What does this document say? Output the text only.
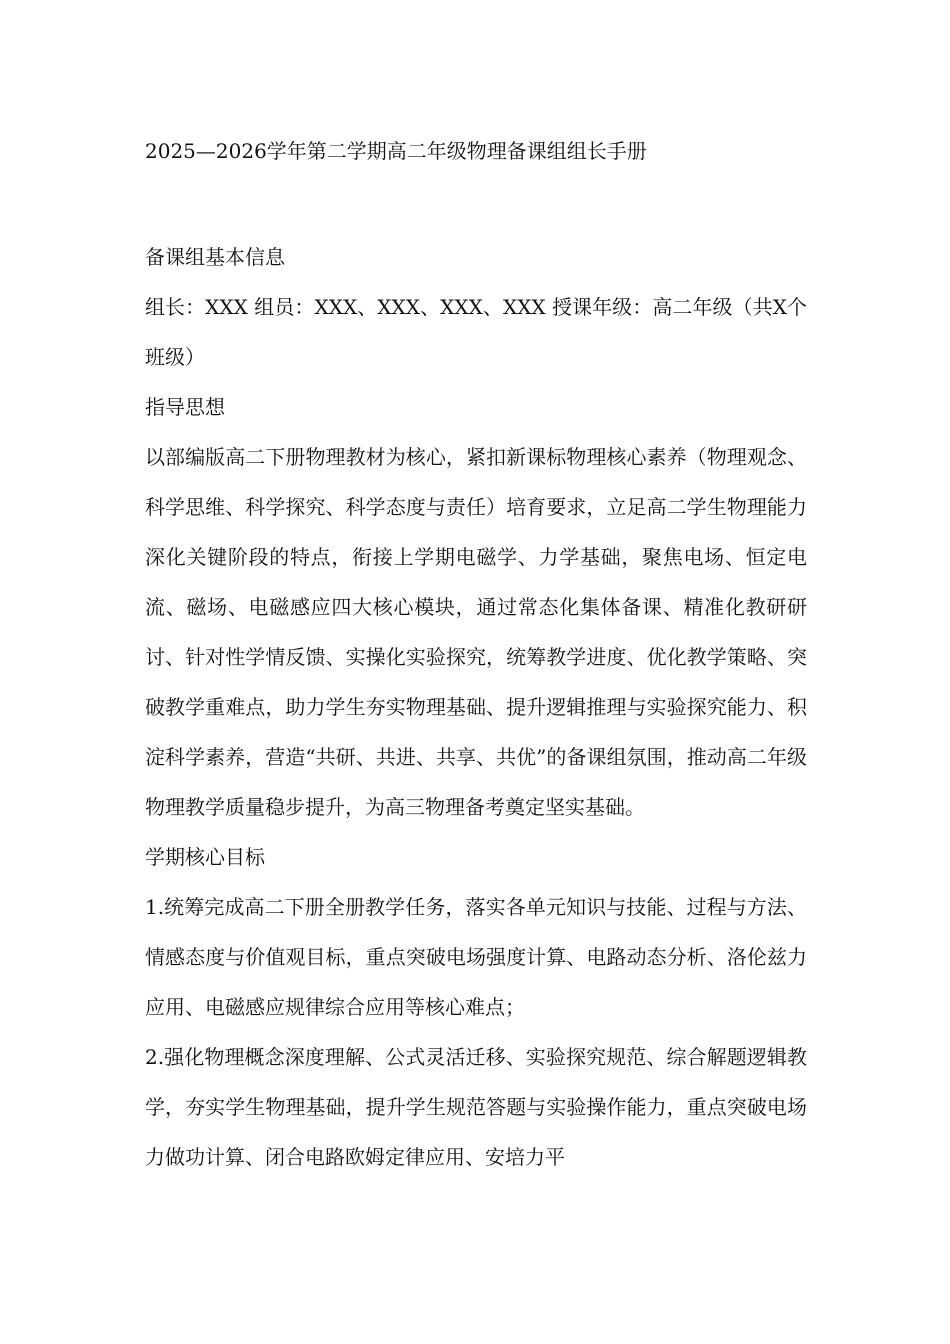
2025—2026学年第二学期高二年级物理备课组组长手册

备课组基本信息

组长：XXX 组员：XXX、XXX、XXX、XXX 授课年级：高二年级（共X个班级）

指导思想

以部编版高二下册物理教材为核心，紧扣新课标物理核心素养（物理观念、科学思维、科学探究、科学态度与责任）培育要求，立足高二学生物理能力深化关键阶段的特点，衔接上学期电磁学、力学基础，聚焦电场、恒定电流、磁场、电磁感应四大核心模块，通过常态化集体备课、精准化教研研讨、针对性学情反馈、实操化实验探究，统筹教学进度、优化教学策略、突破教学重难点，助力学生夯实物理基础、提升逻辑推理与实验探究能力、积淀科学素养，营造“共研、共进、共享、共优”的备课组氛围，推动高二年级物理教学质量稳步提升，为高三物理备考奠定坚实基础。

学期核心目标

1.统筹完成高二下册全册教学任务，落实各单元知识与技能、过程与方法、情感态度与价值观目标，重点突破电场强度计算、电路动态分析、洛伦兹力应用、电磁感应规律综合应用等核心难点；

2.强化物理概念深度理解、公式灵活迁移、实验探究规范、综合解题逻辑教学，夯实学生物理基础，提升学生规范答题与实验操作能力，重点突破电场力做功计算、闭合电路欧姆定律应用、安培力平
